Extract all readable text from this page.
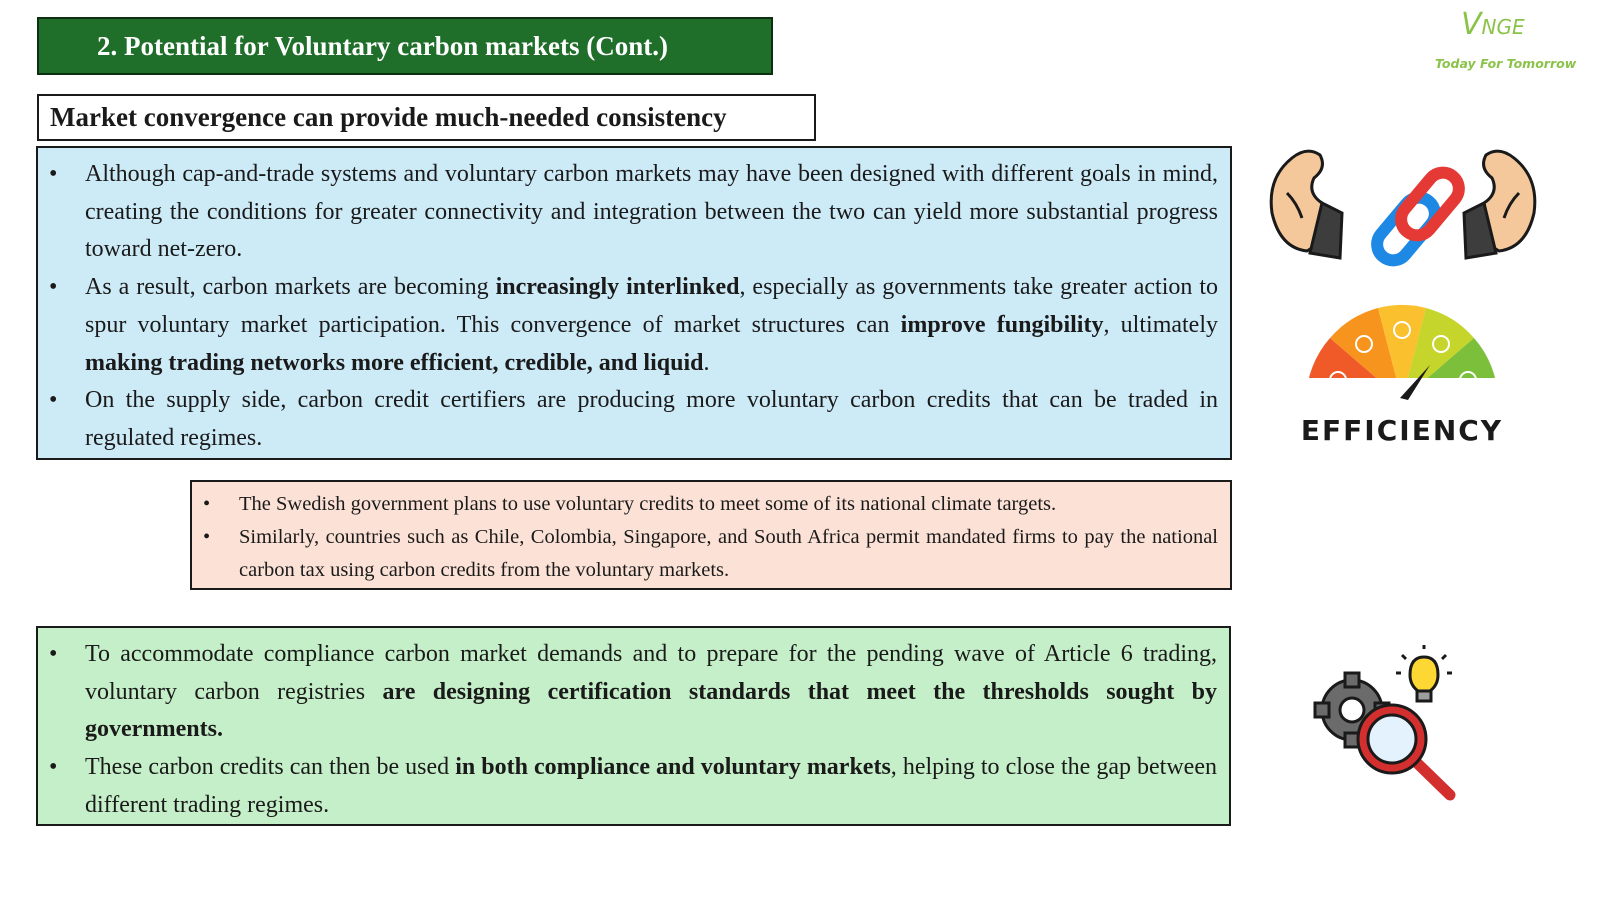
2. Potential for Voluntary carbon markets (Cont.)
VNGE
Today For Tomorrow
Market convergence can provide much-needed consistency
• Although cap-and-trade systems and voluntary carbon markets may have been designed with different goals in mind, creating the conditions for greater connectivity and integration between the two can yield more substantial progress toward net-zero.
• As a result, carbon markets are becoming increasingly interlinked, especially as governments take greater action to spur voluntary market participation. This convergence of market structures can improve fungibility, ultimately making trading networks more efficient, credible, and liquid.
• On the supply side, carbon credit certifiers are producing more voluntary carbon credits that can be traded in regulated regimes.
• The Swedish government plans to use voluntary credits to meet some of its national climate targets.
• Similarly, countries such as Chile, Colombia, Singapore, and South Africa permit mandated firms to pay the national carbon tax using carbon credits from the voluntary markets.
• To accommodate compliance carbon market demands and to prepare for the pending wave of Article 6 trading, voluntary carbon registries are designing certification standards that meet the thresholds sought by governments.
• These carbon credits can then be used in both compliance and voluntary markets, helping to close the gap between different trading regimes.
EFFICIENCY
